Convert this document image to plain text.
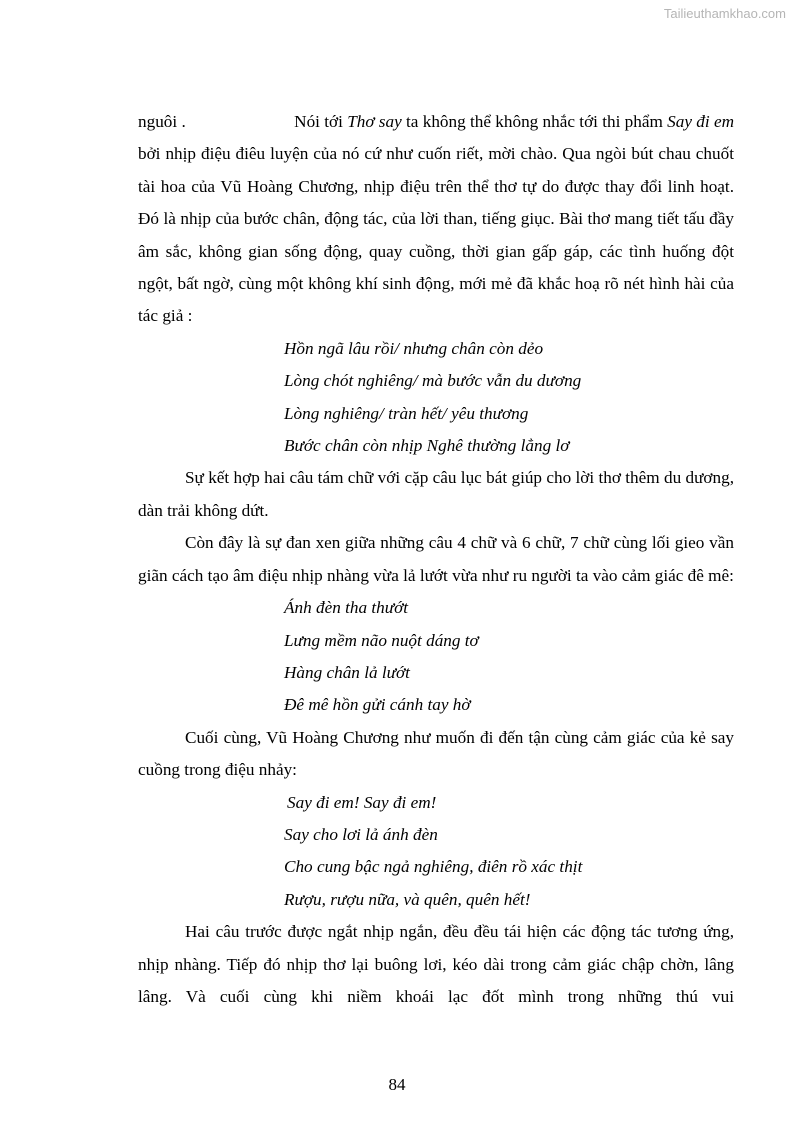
Tailieuthamkhao.com
nguôi .	Nói tới Thơ say ta không thể không nhắc tới thi phẩm Say đi em

bởi nhịp điệu điêu luyện của nó cứ như cuốn riết, mời chào. Qua ngòi bút chau chuốt tài hoa của Vũ Hoàng Chương, nhịp điệu trên thể thơ tự do được thay đổi linh hoạt. Đó là nhịp của bước chân, động tác, của lời than, tiếng giục. Bài thơ mang tiết tấu đầy âm sắc, không gian sống động, quay cuồng, thời gian gấp gáp, các tình huống đột ngột, bất ngờ, cùng một không khí sinh động, mới mẻ đã khắc hoạ rõ nét hình hài của tác giả :

Hồn ngã lâu rồi/ nhưng chân còn dẻo

Lòng chót nghiêng/ mà bước vẫn du dương

Lòng nghiêng/ tràn hết/ yêu thương

Bước chân còn nhịp Nghê thường lẳng lơ

Sự kết hợp hai câu tám chữ với cặp câu lục bát giúp cho lời thơ thêm du dương, dàn trải không dứt.

Còn đây là sự đan xen giữa những câu 4 chữ và 6 chữ, 7 chữ cùng lối gieo vần giãn cách tạo âm điệu nhịp nhàng vừa lả lướt vừa như ru người ta vào cảm giác đê mê:

Ánh đèn tha thướt

Lưng mềm não nuột dáng tơ

Hàng chân lả lướt

Đê mê hồn gửi cánh tay hờ

Cuối cùng, Vũ Hoàng Chương như muốn đi đến tận cùng cảm giác của kẻ say cuồng trong điệu nhảy:

Say đi em! Say đi em!

Say cho lơi lả ánh đèn

Cho cung bậc ngả nghiêng, điên rồ xác thịt

Rượu, rượu nữa, và quên, quên hết!

Hai câu trước được ngắt nhịp ngắn, đều đều tái hiện các động tác tương ứng, nhịp nhàng. Tiếp đó nhịp thơ lại buông lơi, kéo dài trong cảm giác chập chờn, lâng lâng. Và cuối cùng khi niềm khoái lạc đốt mình trong những thú vui

84
